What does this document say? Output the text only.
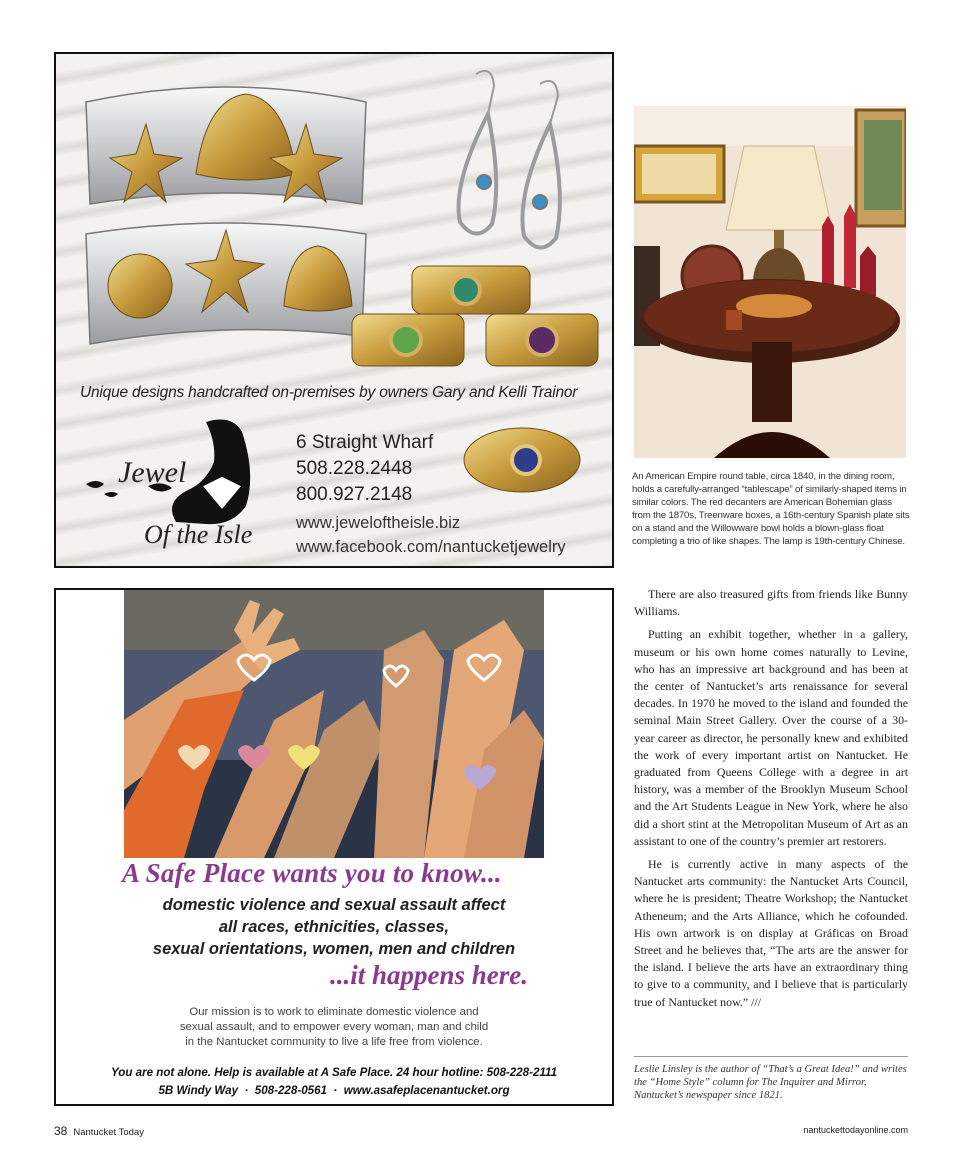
Unique designs handcrafted on-premises by owners Gary and Kelli Trainor
Jewel
Of the Isle
6 Straight Wharf
508.228.2448
800.927.2148
www.jeweloftheisle.biz
www.facebook.com/nantucketjewelry
An American Empire round table, circa 1840, in the dining room, holds a carefully-arranged “tablescape” of similarly-shaped items in similar colors. The red decanters are American Bohemian glass from the 1870s, Treenware boxes, a 16th-century Spanish plate sits on a stand and the Willowware bowl holds a blown-glass float completing a trio of like shapes. The lamp is 19th-century Chinese.
A Safe Place wants you to know...
domestic violence and sexual assault affect
all races, ethnicities, classes,
sexual orientations, women, men and children
...it happens here.
Our mission is to work to eliminate domestic violence and
sexual assault, and to empower every woman, man and child
in the Nantucket community to live a life free from violence.
You are not alone. Help is available at A Safe Place. 24 hour hotline: 508-228-2111
5B Windy Way  ·  508-228-0561  ·  www.asafeplacenantucket.org

There are also treasured gifts from friends like Bunny Williams.

Putting an exhibit together, whether in a gallery, museum or his own home comes naturally to Levine, who has an impressive art background and has been at the center of Nantucket’s arts renaissance for several decades. In 1970 he moved to the island and founded the seminal Main Street Gallery. Over the course of a 30-year career as director, he personally knew and exhibited the work of every important artist on Nantucket. He graduated from Queens College with a degree in art history, was a member of the Brooklyn Museum School and the Art Students League in New York, where he also did a short stint at the Metropolitan Museum of Art as an assistant to one of the country’s premier art restorers.

He is currently active in many aspects of the Nantucket arts community: the Nantucket Arts Council, where he is president; Theatre Workshop; the Nantucket Atheneum; and the Arts Alliance, which he cofounded. His own artwork is on display at Gráficas on Broad Street and he believes that, “The arts are the answer for the island. I believe the arts have an extraordinary thing to give to a community, and I believe that is particularly true of Nantucket now.” ///

Leslie Linsley is the author of “That’s a Great Idea!” and writes the “Home Style” column for The Inquirer and Mirror, Nantucket’s newspaper since 1821.
38 Nantucket Today	nantuckettodayonline.com
